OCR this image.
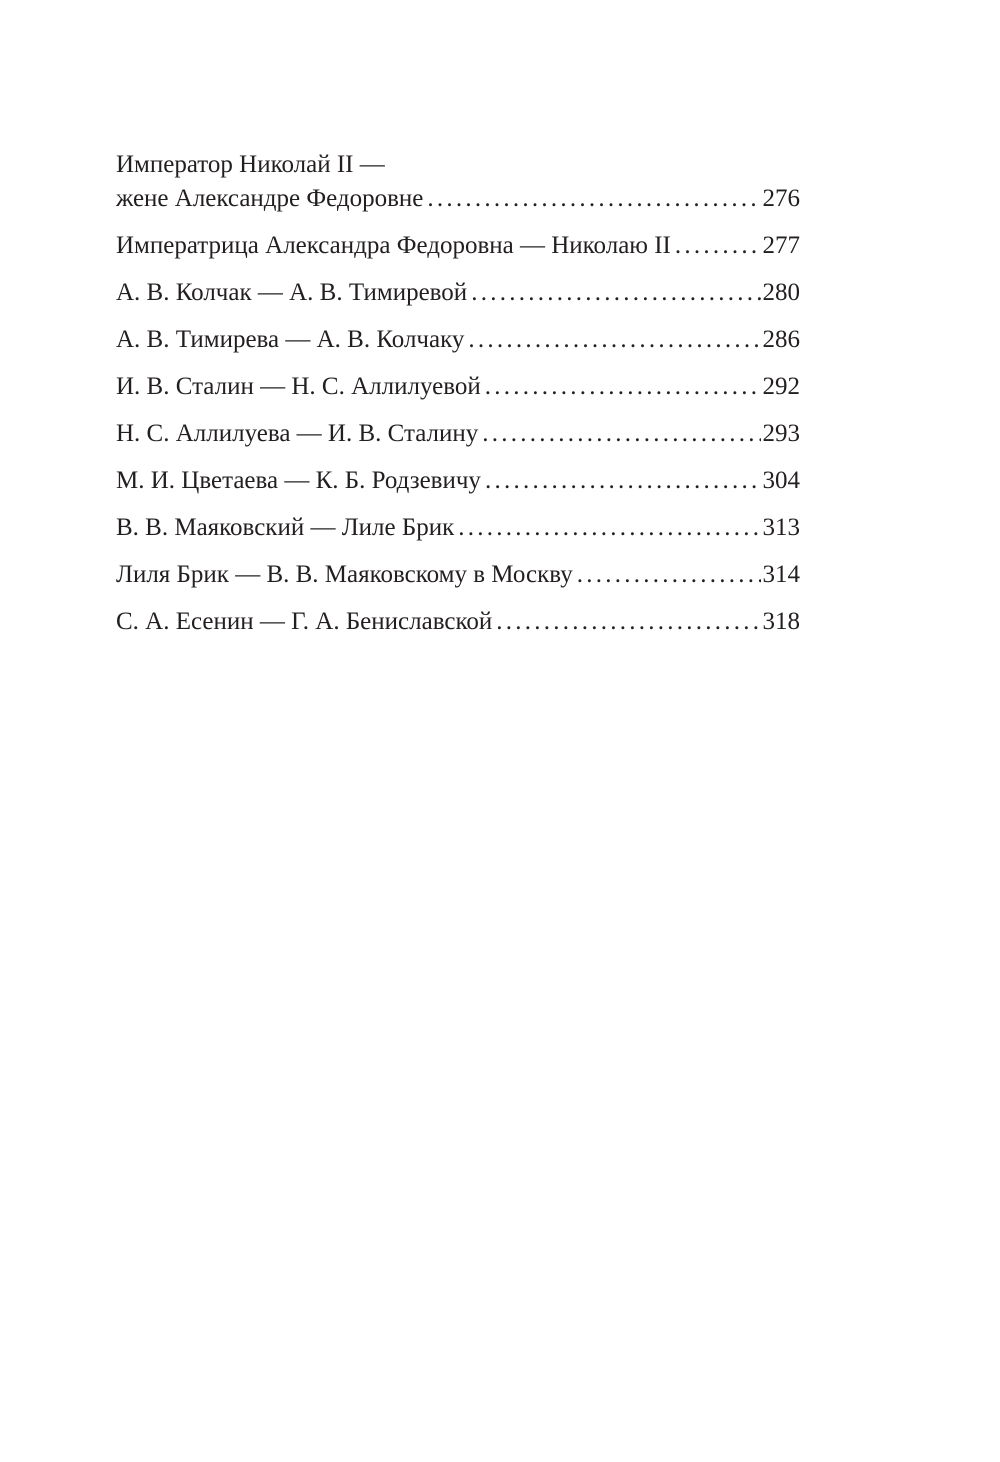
Император Николай II —
жене Александре Федоровне . . .	276
Императрица Александра Федоровна — Николаю II . . .	277
А. В. Колчак — А. В. Тимиревой . . .	280
А. В. Тимирева — А. В. Колчаку . . .	286
И. В. Сталин — Н. С. Аллилуевой . . .	292
Н. С. Аллилуева — И. В. Сталину . . .	293
М. И. Цветаева — К. Б. Родзевичу . . .	304
В. В. Маяковский — Лиле Брик . . .	313
Лиля Брик — В. В. Маяковскому в Москву . . .	314
С. А. Есенин — Г. А. Бениславской . . .	318
